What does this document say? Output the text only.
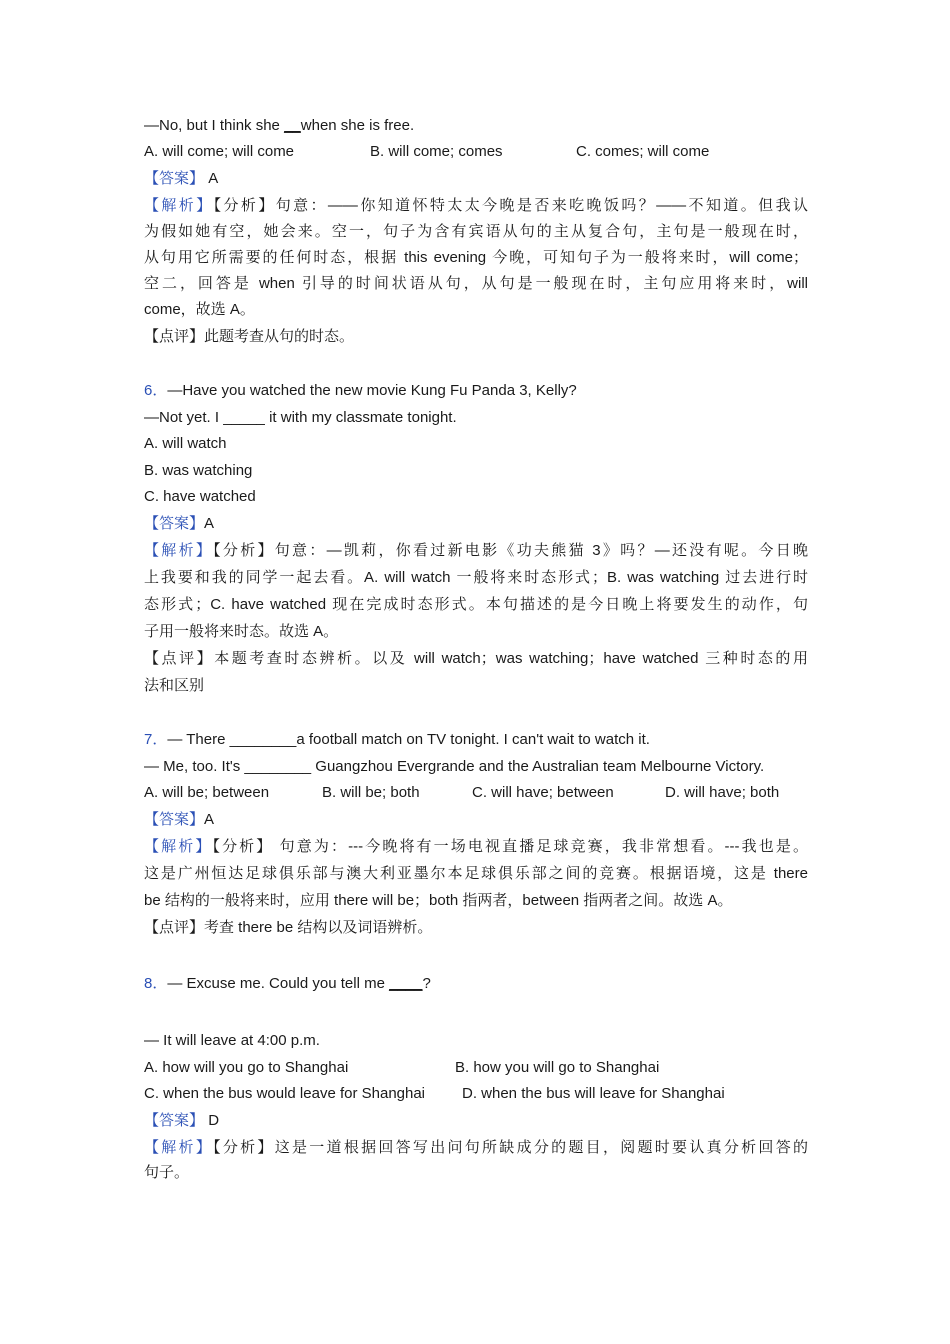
—No, but I think she __when she is free.
A. will come; will come	B. will come; comes	C. comes; will come
【答案】 A
【解析】【分析】句意：——你知道怀特太太今晚是否来吃晚饭吗？——不知道。但我认
为假如她有空，她会来。空一，句子为含有宾语从句的主从复合句，主句是一般现在时，
从句用它所需要的任何时态，根据 this evening 今晚，可知句子为一般将来时，will come；
空二，回答是 when 引导的时间状语从句，从句是一般现在时，主句应用将来时，will
come，故选 A。
【点评】此题考查从句的时态。
6．—Have you watched the new movie Kung Fu Panda 3, Kelly?
—Not yet. I _____ it with my classmate tonight.
A. will watch
B. was watching
C. have watched
【答案】A
【解析】【分析】句意：—凯莉，你看过新电影《功夫熊猫 3》吗？—还没有呢。今日晚
上我要和我的同学一起去看。A. will watch 一般将来时态形式；B. was watching 过去进行时
态形式；C. have watched 现在完成时态形式。本句描述的是今日晚上将要发生的动作，句
子用一般将来时态。故选 A。
【点评】本题考查时态辨析。以及 will watch；was watching；have watched 三种时态的用
法和区别
7．— There ________a football match on TV tonight. I can't wait to watch it.
— Me, too. It's ________ Guangzhou Evergrande and the Australian team Melbourne Victory.
A. will be; between	B. will be; both	C. will have; between	D. will have; both
【答案】A
【解析】【分析】 句意为：---今晚将有一场电视直播足球竞赛，我非常想看。---我也是。
这是广州恒达足球俱乐部与澳大利亚墨尔本足球俱乐部之间的竞赛。根据语境，这是 there
be 结构的一般将来时，应用 there will be；both 指两者，between 指两者之间。故选 A。
【点评】考查 there be 结构以及词语辨析。
8．— Excuse me. Could you tell me ____?
— It will leave at 4:00 p.m.
A. how will you go to Shanghai	B. how you will go to Shanghai
C. when the bus would leave for Shanghai D. when the bus will leave for Shanghai
【答案】 D
【解析】【分析】这是一道根据回答写出问句所缺成分的题目，阅题时要认真分析回答的
句子。
